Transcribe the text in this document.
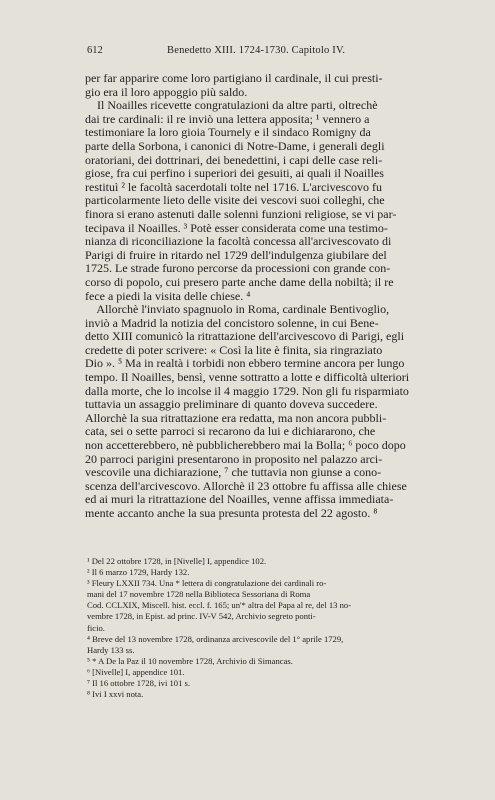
612	Benedetto XIII. 1724-1730. Capitolo IV.
per far apparire come loro partigiano il cardinale, il cui presti-
gio era il loro appoggio più saldo.
Il Noailles ricevette congratulazioni da altre parti, oltrechè
dai tre cardinali: il re inviò una lettera apposita; ¹ vennero a
testimoniare la loro gioia Tournely e il sindaco Romigny da
parte della Sorbona, i canonici di Notre-Dame, i generali degli
oratoriani, dei dottrinari, dei benedettini, i capi delle case reli-
giose, fra cui perfino i superiori dei gesuiti, ai quali il Noailles
restituì ² le facoltà sacerdotali tolte nel 1716. L'arcivescovo fu
particolarmente lieto delle visite dei vescovi suoi colleghi, che
finora si erano astenuti dalle solenni funzioni religiose, se vi par-
tecipava il Noailles. ³ Potè esser considerata come una testimo-
nianza di riconciliazione la facoltà concessa all'arcivescovato di
Parigi di fruire in ritardo nel 1729 dell'indulgenza giubilare del
1725. Le strade furono percorse da processioni con grande con-
corso di popolo, cui presero parte anche dame della nobiltà; il re
fece a piedi la visita delle chiese. ⁴
Allorchè l'inviato spagnuolo in Roma, cardinale Bentivoglio,
inviò a Madrid la notizia del concistoro solenne, in cui Bene-
detto XIII comunicò la ritrattazione dell'arcivescovo di Parigi, egli
credette di poter scrivere: « Così la lite è finita, sia ringraziato
Dio ». ⁵ Ma in realtà i torbidi non ebbero termine ancora per lungo
tempo. Il Noailles, bensì, venne sottratto a lotte e difficoltà ulteriori
dalla morte, che lo incolse il 4 maggio 1729. Non gli fu risparmiato
tuttavia un assaggio preliminare di quanto doveva succedere.
Allorchè la sua ritrattazione era redatta, ma non ancora pubbli-
cata, sei o sette parroci si recarono da lui e dichiararono, che
non accetterebbero, nè pubblicherebbero mai la Bolla; ⁶ poco dopo
20 parroci parigini presentarono in proposito nel palazzo arci-
vescovile una dichiarazione, ⁷ che tuttavia non giunse a cono-
scenza dell'arcivescovo. Allorchè il 23 ottobre fu affissa alle chiese
ed ai muri la ritrattazione del Noailles, venne affissa immediata-
mente accanto anche la sua presunta protesta del 22 agosto. ⁸
¹ Del 22 ottobre 1728, in [Nivelle] I, appendice 102.
² Il 6 marzo 1729, Hardy 132.
³ Fleury LXXII 734. Una * lettera di congratulazione dei cardinali ro-
mani del 17 novembre 1728 nella Biblioteca Sessoriana di Roma
Cod. CCLXIX, Miscell. hist. eccl. f. 165; un'* altra del Papa al re, del 13 no-
vembre 1728, in Epist. ad princ. IV-V 542, Archivio segreto ponti-
ficio.
⁴ Breve del 13 novembre 1728, ordinanza arcivescovile del 1° aprile 1729,
Hardy 133 ss.
⁵ * A De la Paz il 10 novembre 1728, Archivio di Simancas.
⁶ [Nivelle] I, appendice 101.
⁷ Il 16 ottobre 1728, ivi 101 s.
⁸ Ivi I xxvi nota.
